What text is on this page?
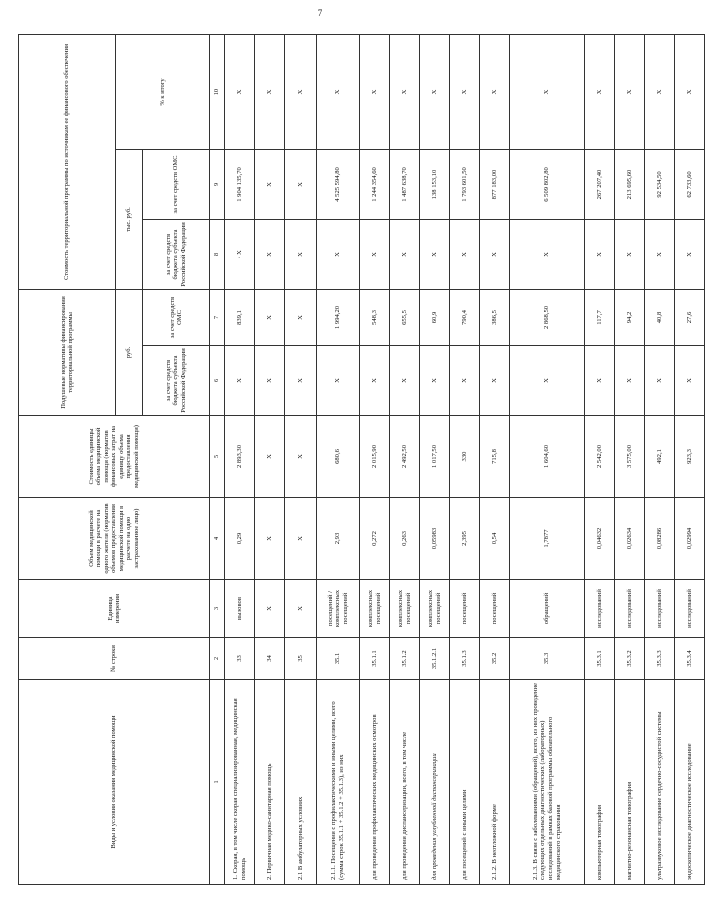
7
Виды и условия оказания медицинской помощи	№ строки	Единица измерения	Объем медицинской помощи в расчете на одного жителя (норматив объемов предоставления медицинской помощи в расчете на одно застрахованное лицо)	Стоимость единицы объема медицинской помощи (норматив финансовых затрат на единицу объема предоставления медицинской помощи)	Подушевые нормативы финансирования территориальной программы		Стоимость территориальной программы по источникам ее финансового обеспечения		
					руб.		тыс. руб.		% к итогу
					за счет средств бюджета субъекта Российской Федерации	за счет средств ОМС	за счет средств бюджета субъекта Российской Федерации	за счет средств ОМС	
1	2	3	4	5	6	7	8	9	10
1. Скорая, в том числе скорая специализированная, медицинская помощь	33	вызовов	0,29	2 893,30	X	839,1	· X	1 904 135,70	X
2. Первичная медико-санитарная помощь	34	X	X	X	X	X	X	X	X
2.1 В амбулаторных условиях	35	X	X	X	X	X	X	X	X
2.1.1. Посещения с профилактическими и иными целями, всего (сумма строк 35.1.1 + 35.1.2 + 35.1.3), из них	35.1	посещений / комплексных посещений	2,93	680,6	X	1 994,20	X	4 525 594,80	X
для проведения профилактических медицинских осмотров	35.1.1	комплексных посещений	0,272	2 015,90	X	548,3	X	1 244 354,60	X
для проведения диспансеризации, всего, в том числе	35.1.2	комплексных посещений	0,263	2 492,50	X	655,5	X	1 487 638,70	X
для проведения углубленной диспансеризации	35.1.2.1	комплексных посещений	0,05983	1 017,50	X	60,9	X	138 153,10	X
для посещений с иными целями	35.1.3	посещений	2,395	330	X	790,4	X	1 793 601,50	X
2.1.2. В неотложной форме	35.2	посещений	0,54	715,8	X	386,5	X	877 183,00	X
2.1.3. В связи с заболеваниями (обращений), всего, из них проведение следующих отдельных диагностических (лабораторных) исследований в рамках базовой программы обязательного медицинского страхования	35.3	обращений	1,7877	1 604,60	X	2 868,50	X	6 509 802,80	X
компьютерная томография	35.3.1	исследований	0,04632	2 542,00	X	117,7	X	267 207,40	X
магнитно-резонансная томография	35.3.2	исследований	0,02634	3 575,00	X	94,2	X	213 695,60	X
ультразвуковое исследование сердечно-сосудистой системы	35.3.3	исследований	0,08286	492,1	X	40,8	X	92 534,50	X
эндоскопическое диагностическое исследование	35.3.4	исследований	0,02994	923,3	X	27,6	X	62 733,60	X
